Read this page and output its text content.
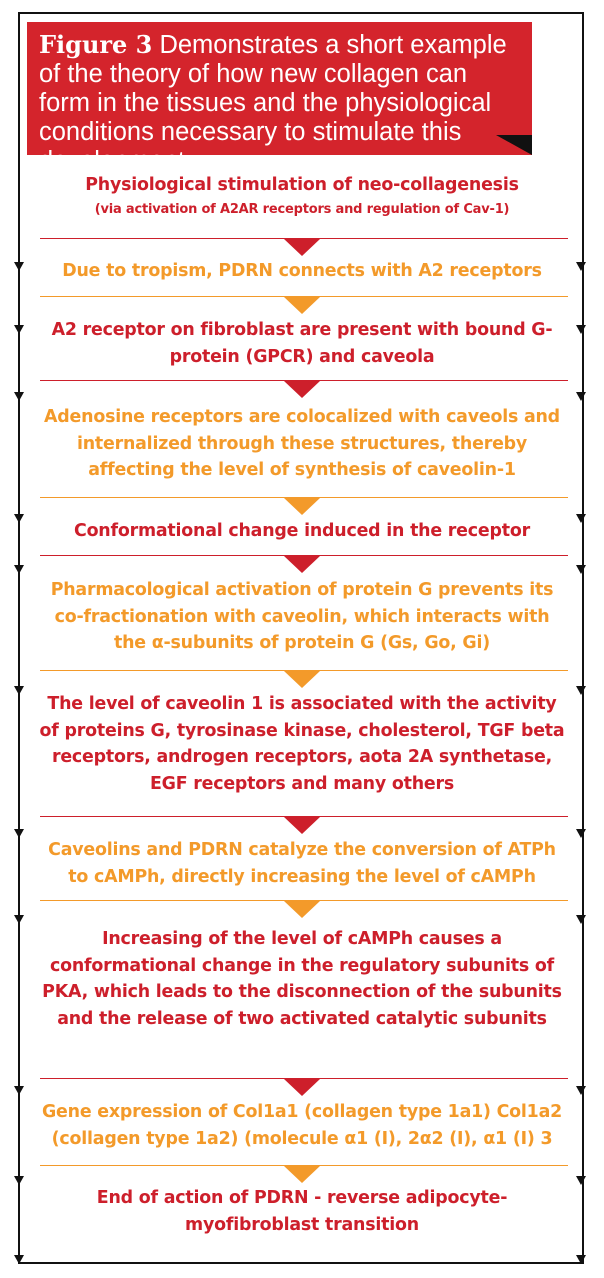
Figure 3 Demonstrates a short example of the theory of how new collagen can form in the tissues and the physiological conditions necessary to stimulate this development
Physiological stimulation of neo-collagenesis
(via activation of A2AR receptors and regulation of Cav-1)
Due to tropism, PDRN connects with A2 receptors
A2 receptor on fibroblast are present with bound G-protein (GPCR) and caveola
Adenosine receptors are colocalized with caveols and internalized through these structures, thereby affecting the level of synthesis of caveolin-1
Conformational change induced in the receptor
Pharmacological activation of protein G prevents its co-fractionation with caveolin, which interacts with the α-subunits of protein G (Gs, Go, Gi)
The level of caveolin 1 is associated with the activity of proteins G, tyrosinase kinase, cholesterol, TGF beta receptors, androgen receptors, aota 2A synthetase, EGF receptors and many others
Caveolins and PDRN catalyze the conversion of ATPh to cAMPh, directly increasing the level of cAMPh
Increasing of the level of cAMPh causes a conformational change in the regulatory subunits of PKA, which leads to the disconnection of the subunits and the release of two activated catalytic subunits
Gene expression of Col1a1 (collagen type 1a1) Col1a2 (collagen type 1a2) (molecule α1 (I), 2α2 (I), α1 (I) 3
End of action of PDRN - reverse adipocyte-myofibroblast transition
